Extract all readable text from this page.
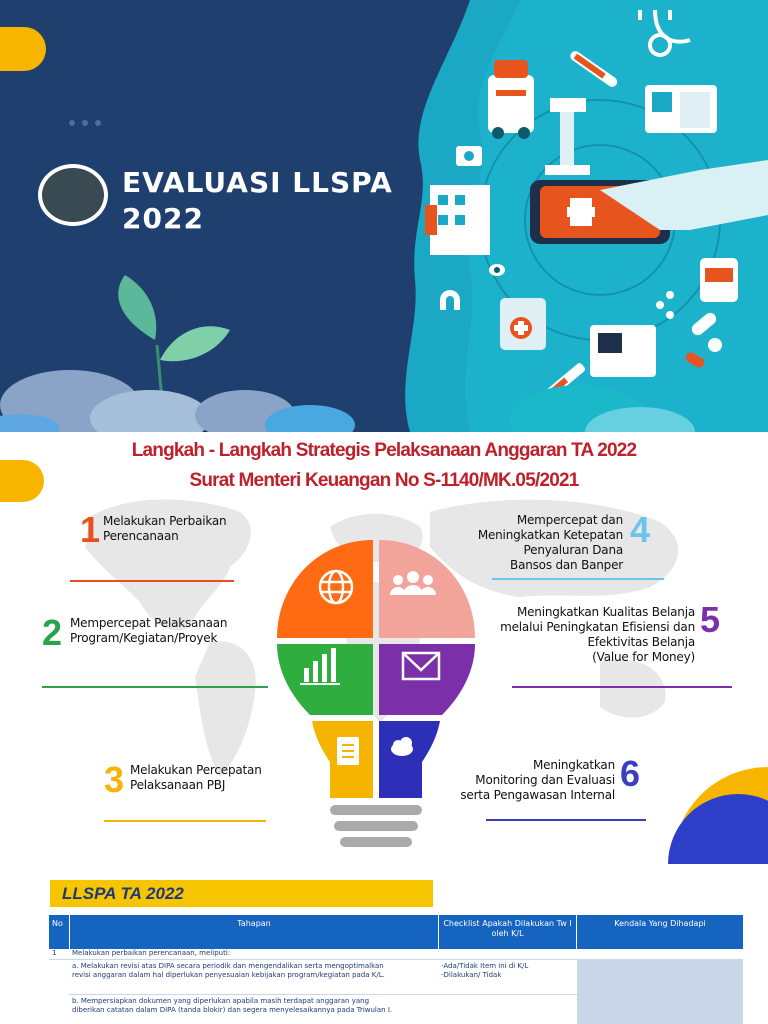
EVALUASI LLSPA
2022
Langkah - Langkah Strategis Pelaksanaan Anggaran TA 2022
Surat Menteri Keuangan No S-1140/MK.05/2021
1 Melakukan Perbaikan
Perencanaan
2 Mempercepat Pelaksanaan
Program/Kegiatan/Proyek
3 Melakukan Percepatan
Pelaksanaan PBJ
Mempercepat dan
Meningkatkan Ketepatan
Penyaluran Dana
Bansos dan Banper
4
Meningkatkan Kualitas Belanja
melalui Peningkatan Efisiensi dan
Efektivitas Belanja
(Value for Money)
5
Meningkatkan
Monitoring dan Evaluasi
serta Pengawasan Internal
6
LLSPA TA 2022
No	Tahapan	Checklist Apakah Dilakukan Tw I oleh K/L
Kendala Yang Dihadapi
1 Melakukan perbaikan perencanaan, meliputi:
a. Melakukan revisi atas DIPA secara periodik dan mengendalikan serta mengoptimalkan
revisi anggaran dalam hal diperlukan penyesuaian kebijakan program/kegiatan pada K/L.
-Ada/Tidak Item ini di K/L
-Dilakukan/ Tidak
b. Mempersiapkan dokumen yang diperlukan apabila masih terdapat anggaran yang
diberikan catatan dalam DIPA (tanda blokir) dan segera menyelesaikannya pada Triwulan I.
